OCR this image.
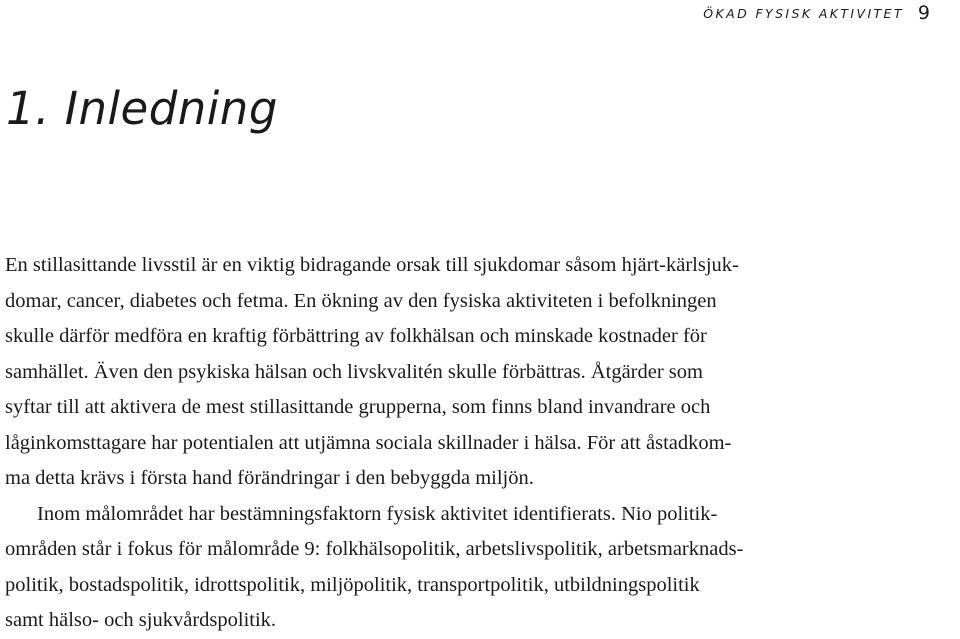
ÖKAD FYSISK AKTIVITET 9
1. Inledning
En stillasittande livsstil är en viktig bidragande orsak till sjukdomar såsom hjärt-kärlsjuk-
domar, cancer, diabetes och fetma. En ökning av den fysiska aktiviteten i befolkningen
skulle därför medföra en kraftig förbättring av folkhälsan och minskade kostnader för
samhället. Även den psykiska hälsan och livskvalitén skulle förbättras. Åtgärder som
syftar till att aktivera de mest stillasittande grupperna, som finns bland invandrare och
låginkomsttagare har potentialen att utjämna sociala skillnader i hälsa. För att åstadkom-
ma detta krävs i första hand förändringar i den bebyggda miljön.
Inom målområdet har bestämningsfaktorn fysisk aktivitet identifierats. Nio politik-
områden står i fokus för målområde 9: folkhälsopolitik, arbetslivspolitik, arbetsmarknads-
politik, bostadspolitik, idrottspolitik, miljöpolitik, transportpolitik, utbildningspolitik
samt hälso- och sjukvårdspolitik.
